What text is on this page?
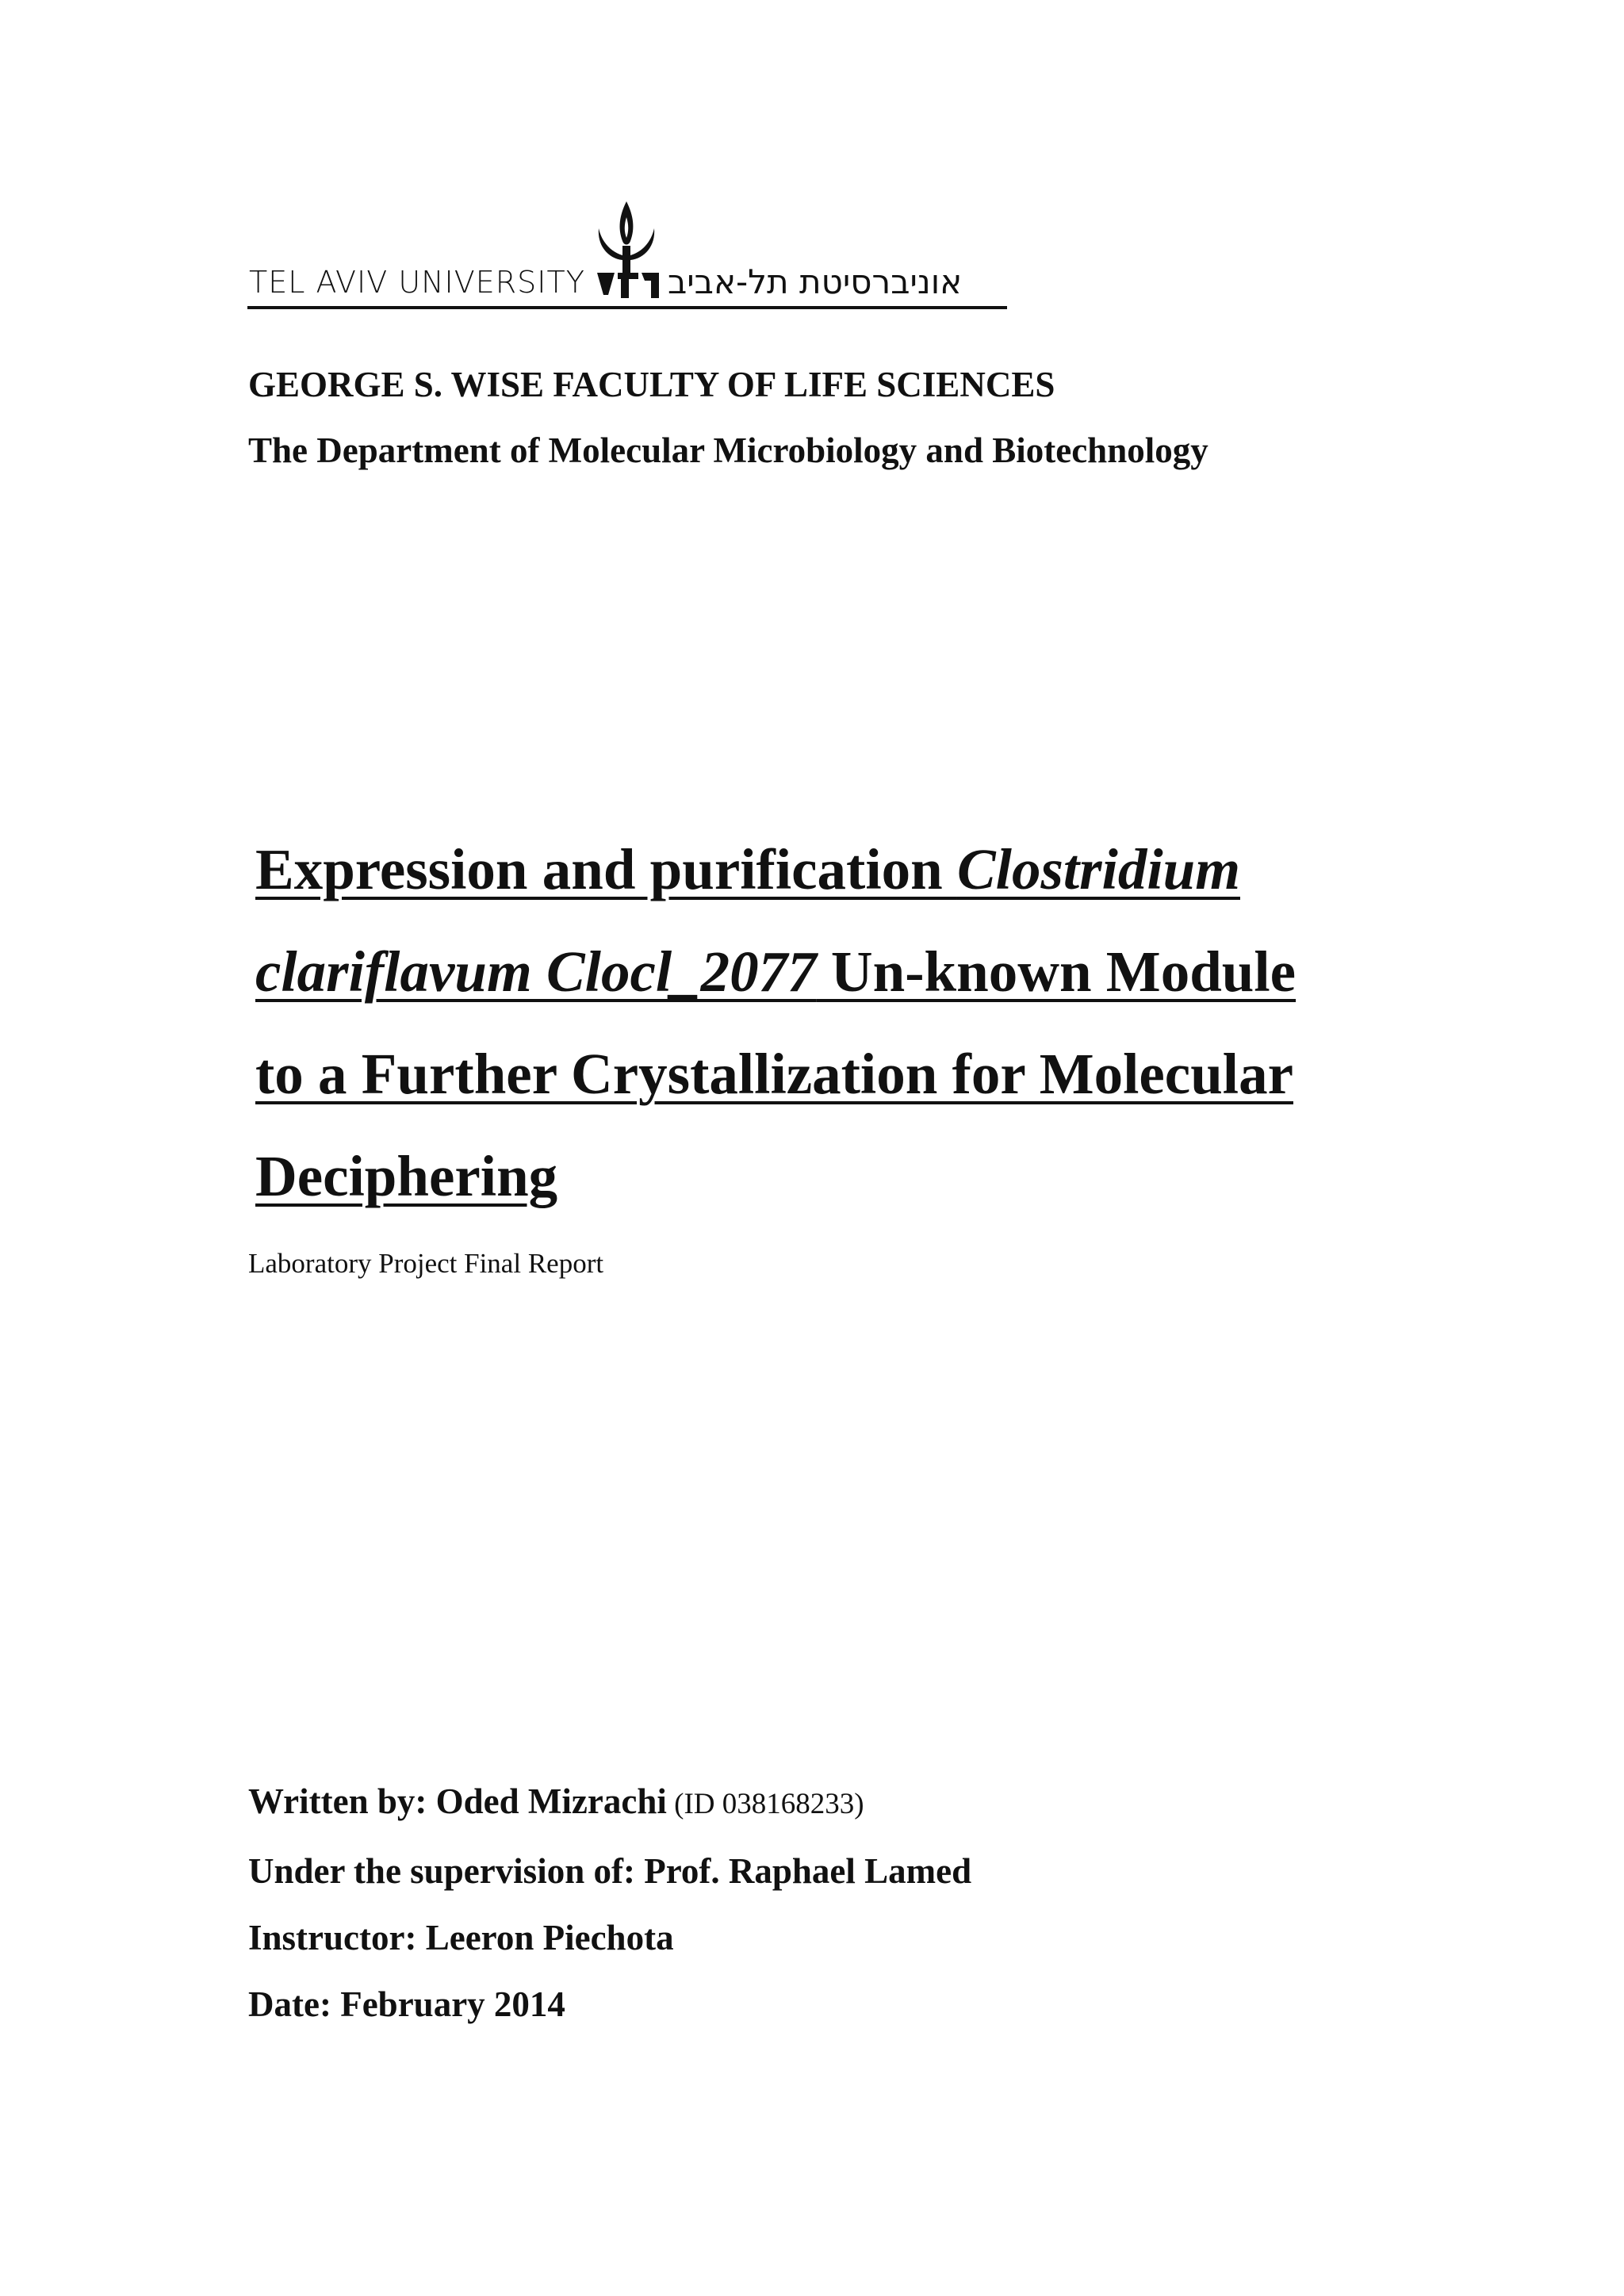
TEL AVIV UNIVERSITY אוניברסיטת תל-אביב
GEORGE S. WISE FACULTY OF LIFE SCIENCES
The Department of Molecular Microbiology and Biotechnology
Expression and purification Clostridium
clariflavum Clocl_2077 Un-known Module
to a Further Crystallization for Molecular
Deciphering
Laboratory Project Final Report
Written by: Oded Mizrachi (ID 038168233)
Under the supervision of: Prof. Raphael Lamed
Instructor: Leeron Piechota
Date: February 2014
